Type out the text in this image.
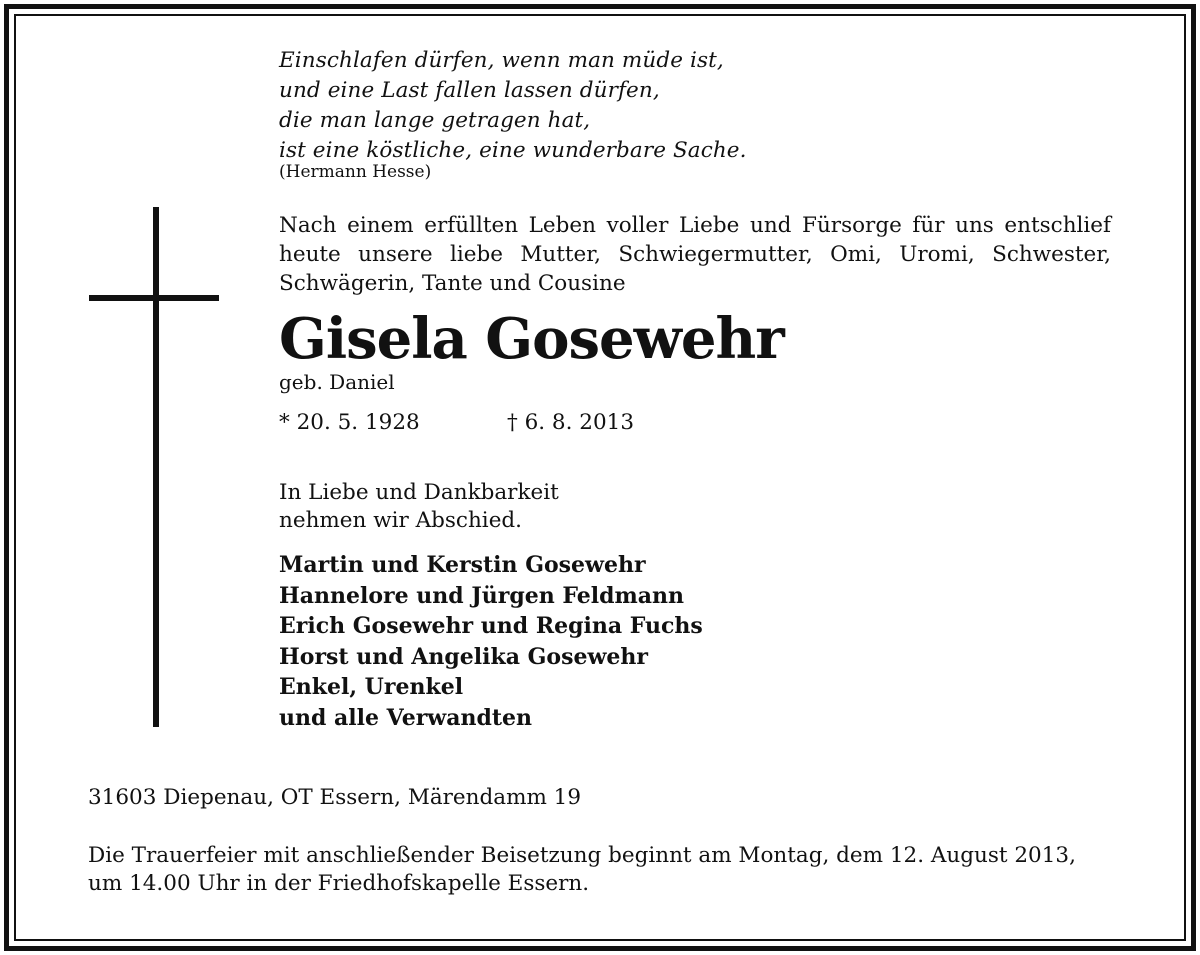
Einschlafen dürfen, wenn man müde ist,
und eine Last fallen lassen dürfen,
die man lange getragen hat,
ist eine köstliche, eine wunderbare Sache.
(Hermann Hesse)
Nach einem erfüllten Leben voller Liebe und Fürsorge für uns entschlief heute unsere liebe Mutter, Schwiegermutter, Omi, Uromi, Schwester, Schwägerin, Tante und Cousine
Gisela Gosewehr
geb. Daniel
* 20. 5. 1928	† 6. 8. 2013
In Liebe und Dankbarkeit
nehmen wir Abschied.
Martin und Kerstin Gosewehr
Hannelore und Jürgen Feldmann
Erich Gosewehr und Regina Fuchs
Horst und Angelika Gosewehr
Enkel, Urenkel
und alle Verwandten
31603 Diepenau, OT Essern, Märendamm 19
Die Trauerfeier mit anschließender Beisetzung beginnt am Montag, dem 12. August 2013,
um 14.00 Uhr in der Friedhofskapelle Essern.
